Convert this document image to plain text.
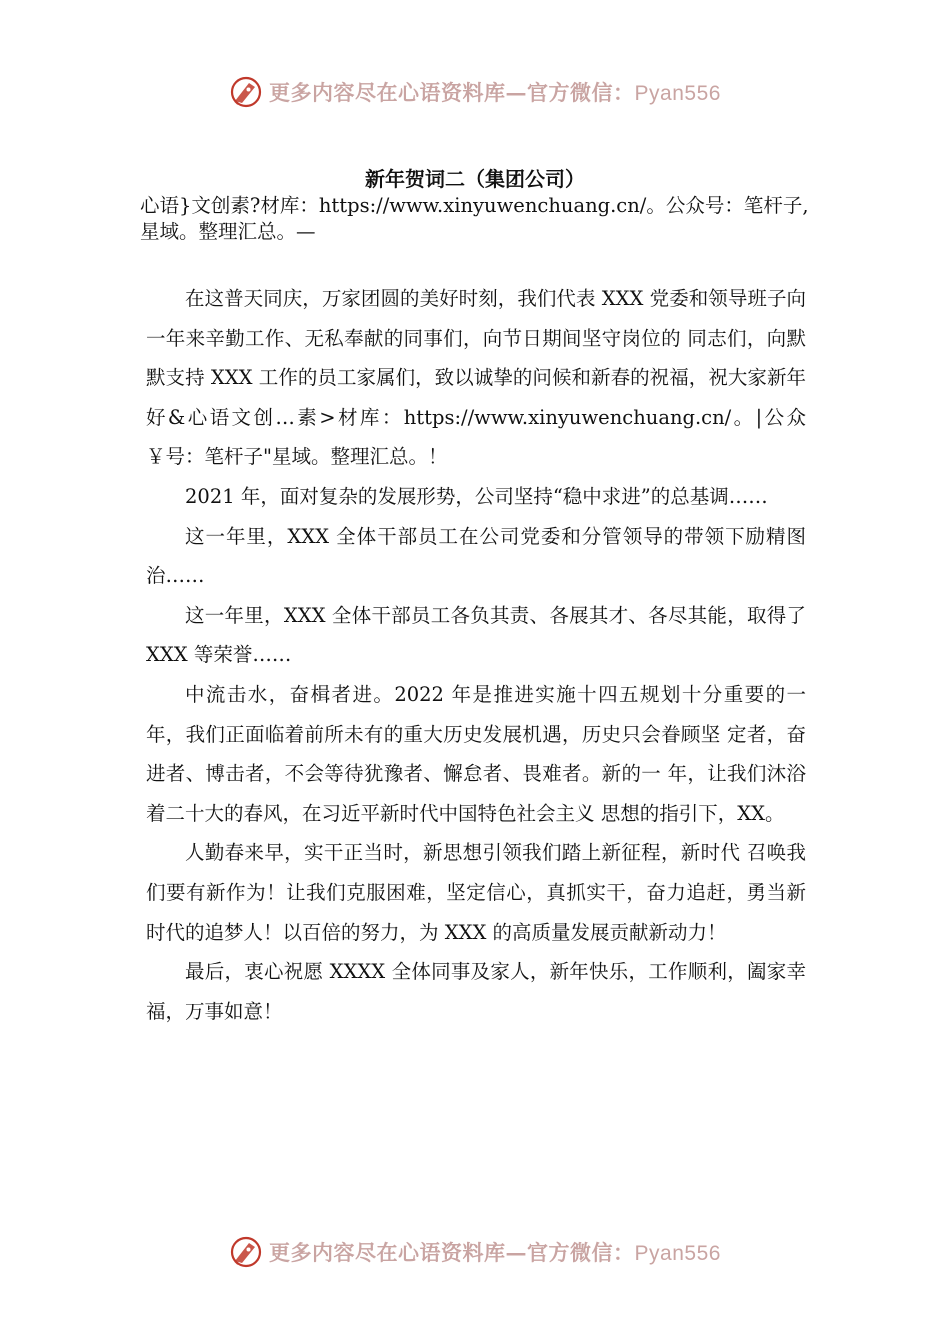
更多内容尽在心语资料库—官方微信：Pyan556
新年贺词二（集团公司）

心语}文创素?材库：https://www.xinyuwenchuang.cn/。公众号：笔杆子,星域。整理汇总。—

在这普天同庆，万家团圆的美好时刻，我们代表 XXX 党委和领导班子向一年来辛勤工作、无私奉献的同事们，向节日期间坚守岗位的 同志们，向默默支持 XXX 工作的员工家属们，致以诚挚的问候和新春的祝福，祝大家新年好&心语文创…素>材库：https://www.xinyuwenchuang.cn/。|公众￥号：笔杆子"星域。整理汇总。！

2021 年，面对复杂的发展形势，公司坚持“稳中求进”的总基调……

这一年里，XXX 全体干部员工在公司党委和分管领导的带领下励精图治……

这一年里，XXX 全体干部员工各负其责、各展其才、各尽其能，取得了 XXX 等荣誉……

中流击水，奋楫者进。2022 年是推进实施十四五规划十分重要的一年，我们正面临着前所未有的重大历史发展机遇，历史只会眷顾坚 定者，奋进者、博击者，不会等待犹豫者、懈怠者、畏难者。新的一 年，让我们沐浴着二十大的春风，在习近平新时代中国特色社会主义 思想的指引下，XX。

人勤春来早，实干正当时，新思想引领我们踏上新征程，新时代 召唤我们要有新作为！让我们克服困难，坚定信心，真抓实干，奋力追赶，勇当新时代的追梦人！以百倍的努力，为 XXX 的高质量发展贡献新动力！

最后，衷心祝愿 XXXX 全体同事及家人，新年快乐，工作顺利，阖家幸福，万事如意！

更多内容尽在心语资料库—官方微信：Pyan556
